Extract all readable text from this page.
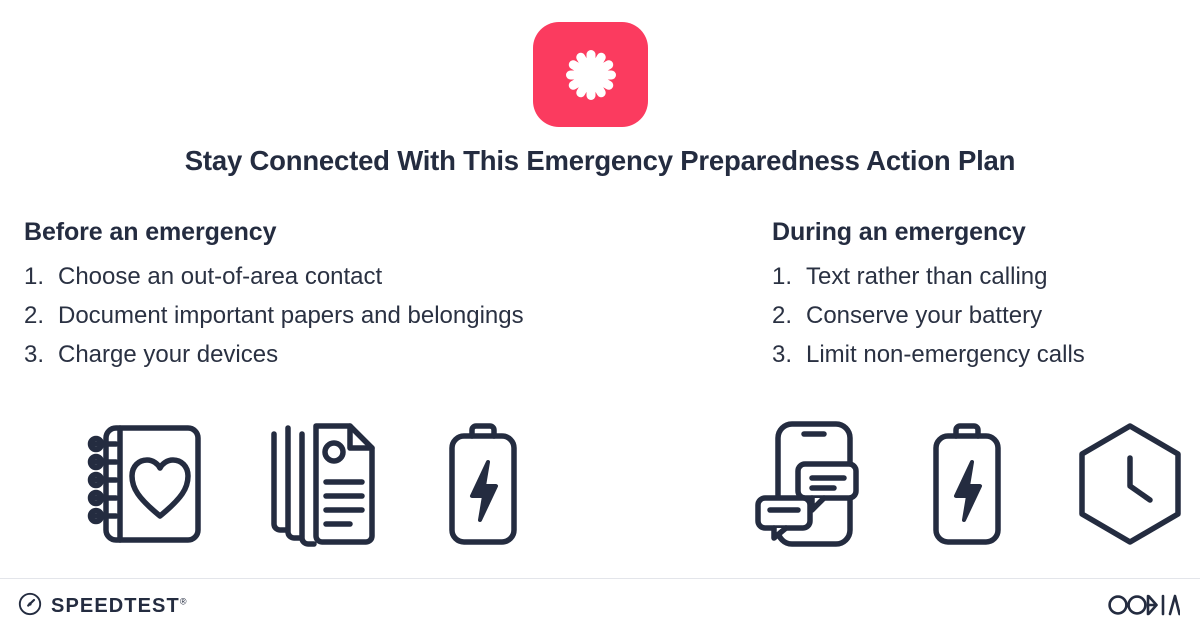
Stay Connected With This Emergency Preparedness Action Plan
Before an emergency
1. Choose an out-of-area contact
2. Document important papers and belongings
3. Charge your devices
During an emergency
1. Text rather than calling
2. Conserve your battery
3. Limit non-emergency calls
SPEEDTEST®
